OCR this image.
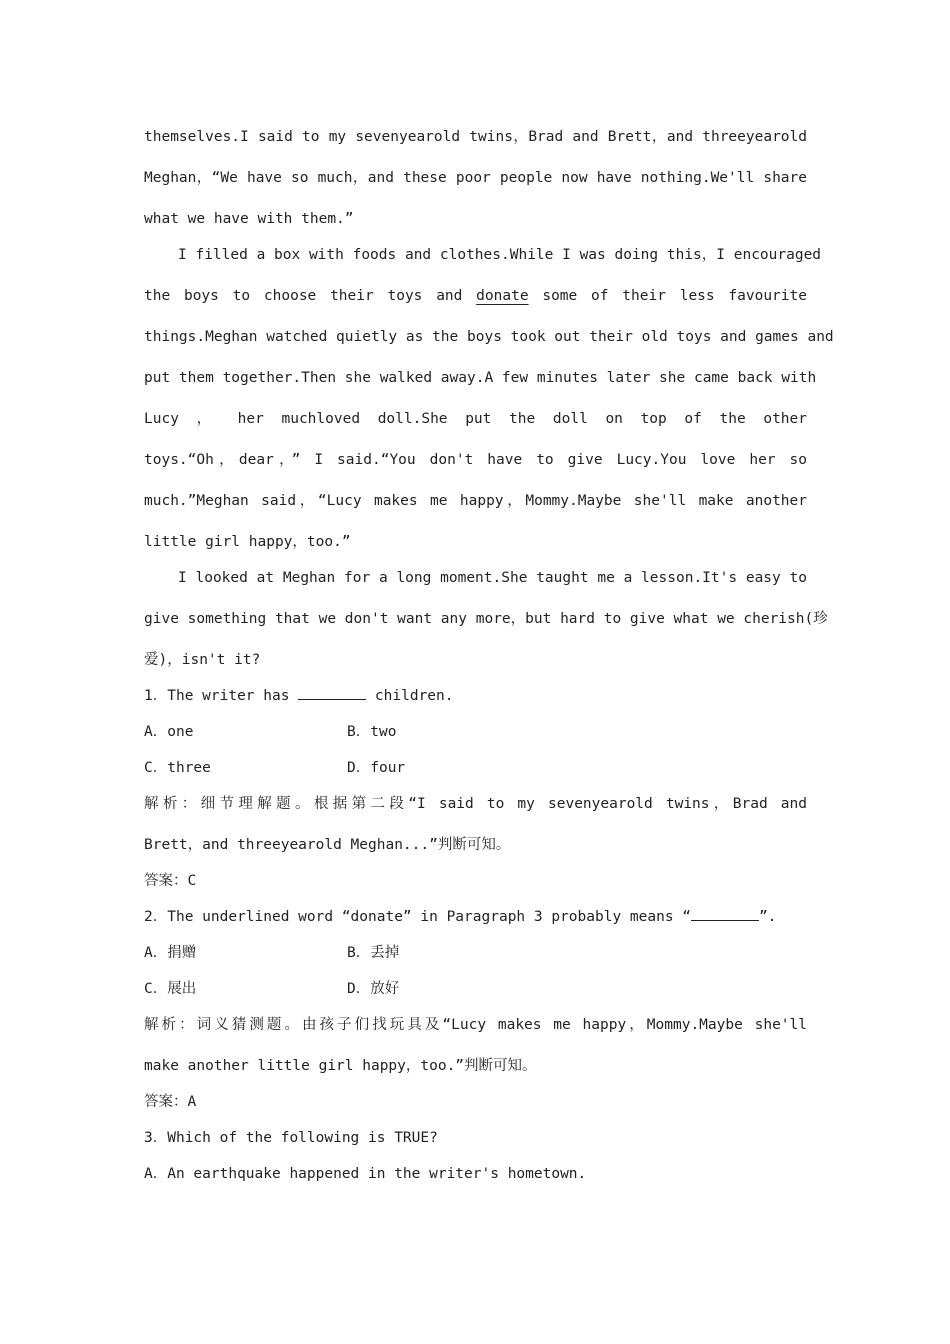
themselves.I said to my sevenyearold twins，Brad and Brett，and threeyearold
Meghan，“We have so much，and these poor people now have nothing.We'll share
what we have with them.”
I filled a box with foods and clothes.While I was doing this，I encouraged
the boys to choose their toys and donate some of their less favourite
things.Meghan watched quietly as the boys took out their old toys and games and
put them together.Then she walked away.A few minutes later she came back with
Lucy ， her muchloved doll.She put the doll on top of the other
toys.“Oh，dear，” I said.“You don't have to give Lucy.You love her so
much.”Meghan said，“Lucy makes me happy，Mommy.Maybe she'll make another
little girl happy，too.”
I looked at Meghan for a long moment.She taught me a lesson.It's easy to
give something that we don't want any more，but hard to give what we cherish(珍
爱)，isn't it?
1．The writer has	children.
A．one	B．two
C．three	D．four
解析：细节理解题。根据第二段“I said to my sevenyearold twins，Brad and
Brett，and threeyearold Meghan...”判断可知。
答案：C
2．The underlined word “donate” in Paragraph 3 probably means “	”.
A．捐赠	B．丢掉
C．展出	D．放好
解析：词义猜测题。由孩子们找玩具及“Lucy makes me happy，Mommy.Maybe she'll
make another little girl happy，too.”判断可知。
答案：A
3．Which of the following is TRUE?
A．An earthquake happened in the writer's hometown.
